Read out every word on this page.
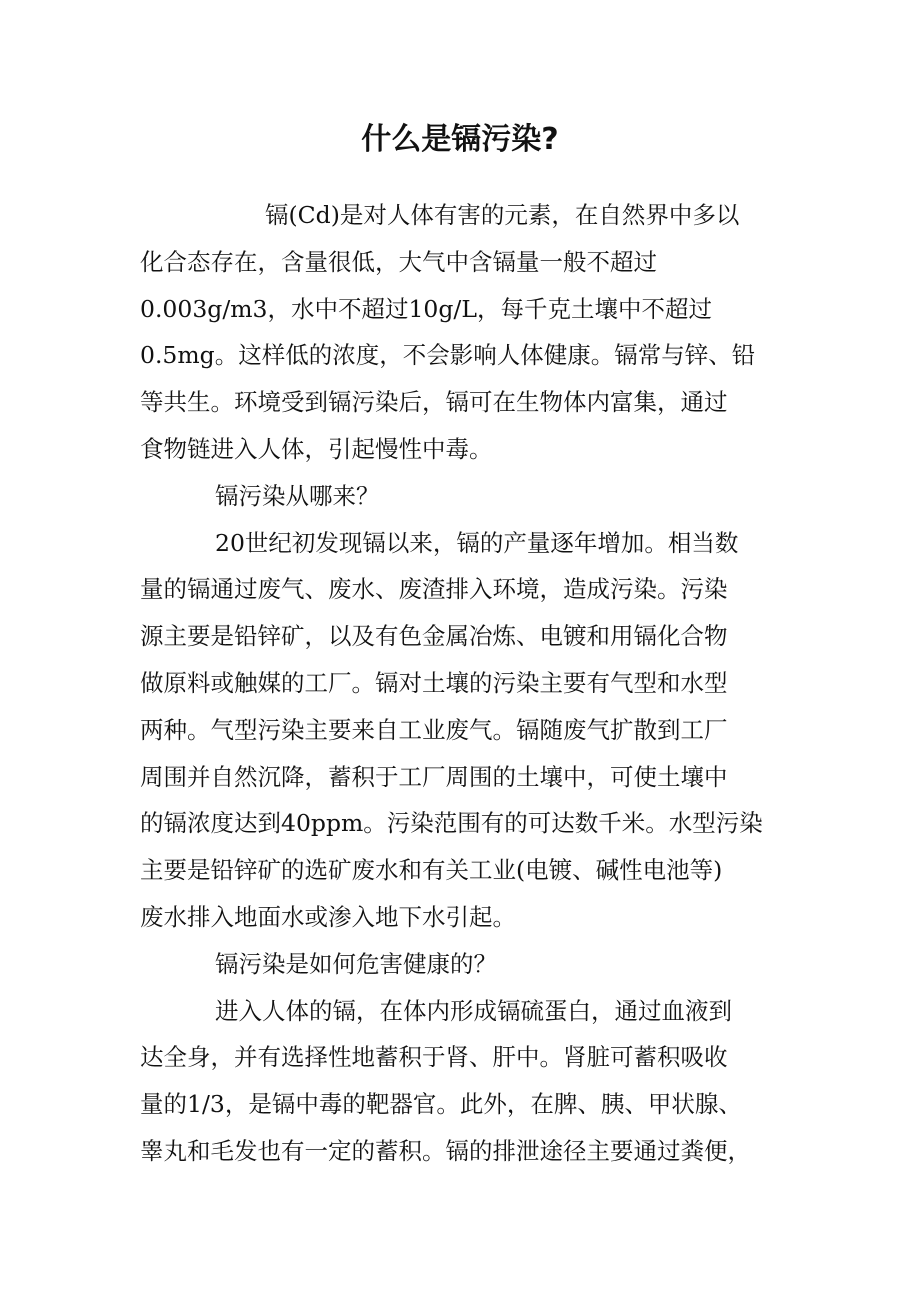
什么是镉污染?

镉(Cd)是对人体有害的元素，在自然界中多以

化合态存在，含量很低，大气中含镉量一般不超过

0.003g/m3，水中不超过10g/L，每千克土壤中不超过

0.5mg。这样低的浓度，不会影响人体健康。镉常与锌、铅

等共生。环境受到镉污染后，镉可在生物体内富集，通过

食物链进入人体，引起慢性中毒。

镉污染从哪来？

20世纪初发现镉以来，镉的产量逐年增加。相当数

量的镉通过废气、废水、废渣排入环境，造成污染。污染

源主要是铅锌矿，以及有色金属冶炼、电镀和用镉化合物

做原料或触媒的工厂。镉对土壤的污染主要有气型和水型

两种。气型污染主要来自工业废气。镉随废气扩散到工厂

周围并自然沉降，蓄积于工厂周围的土壤中，可使土壤中

的镉浓度达到40ppm。污染范围有的可达数千米。水型污染

主要是铅锌矿的选矿废水和有关工业(电镀、碱性电池等)

废水排入地面水或渗入地下水引起。

镉污染是如何危害健康的？

进入人体的镉，在体内形成镉硫蛋白，通过血液到

达全身，并有选择性地蓄积于肾、肝中。肾脏可蓄积吸收

量的1/3，是镉中毒的靶器官。此外，在脾、胰、甲状腺、

睾丸和毛发也有一定的蓄积。镉的排泄途径主要通过粪便，
